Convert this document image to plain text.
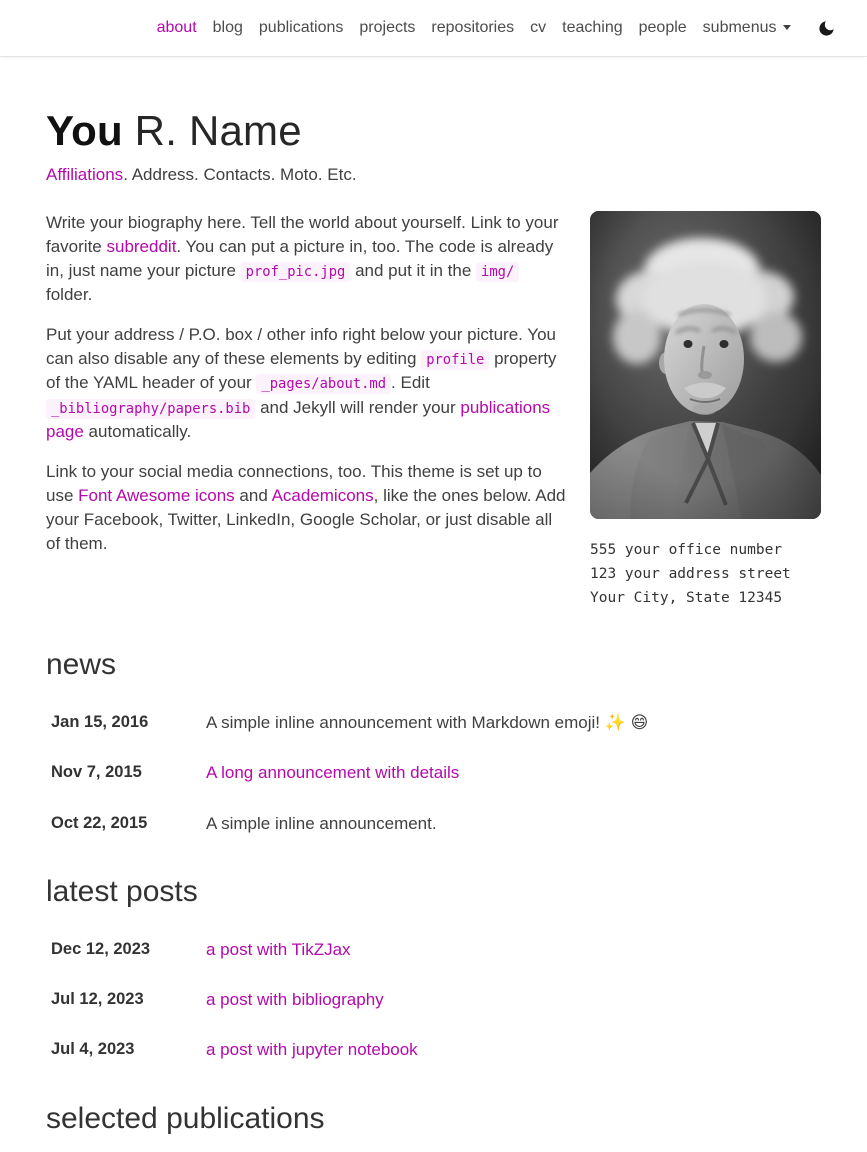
about	blog	publications	projects	repositories	cv	teaching	people	submenus
You R. Name

Affiliations. Address. Contacts. Moto. Etc.

555 your office number
123 your address street
Your City, State 12345

Write your biography here. Tell the world about yourself. Link to your favorite subreddit. You can put a picture in, too. The code is already in, just name your picture prof_pic.jpg and put it in the img/ folder.

Put your address / P.O. box / other info right below your picture. You can also disable any of these elements by editing profile property of the YAML header of your _pages/about.md . Edit _bibliography/papers.bib and Jekyll will render your publications page automatically.

Link to your social media connections, too. This theme is set up to use Font Awesome icons and Academicons, like the ones below. Add your Facebook, Twitter, LinkedIn, Google Scholar, or just disable all of them.

news
Jan 15, 2016	A simple inline announcement with Markdown emoji! ✨ 😄
Nov 7, 2015	A long announcement with details
Oct 22, 2015	A simple inline announcement.
latest posts
Dec 12, 2023	a post with TikZJax
Jul 12, 2023	a post with bibliography
Jul 4, 2023	a post with jupyter notebook
selected publications
